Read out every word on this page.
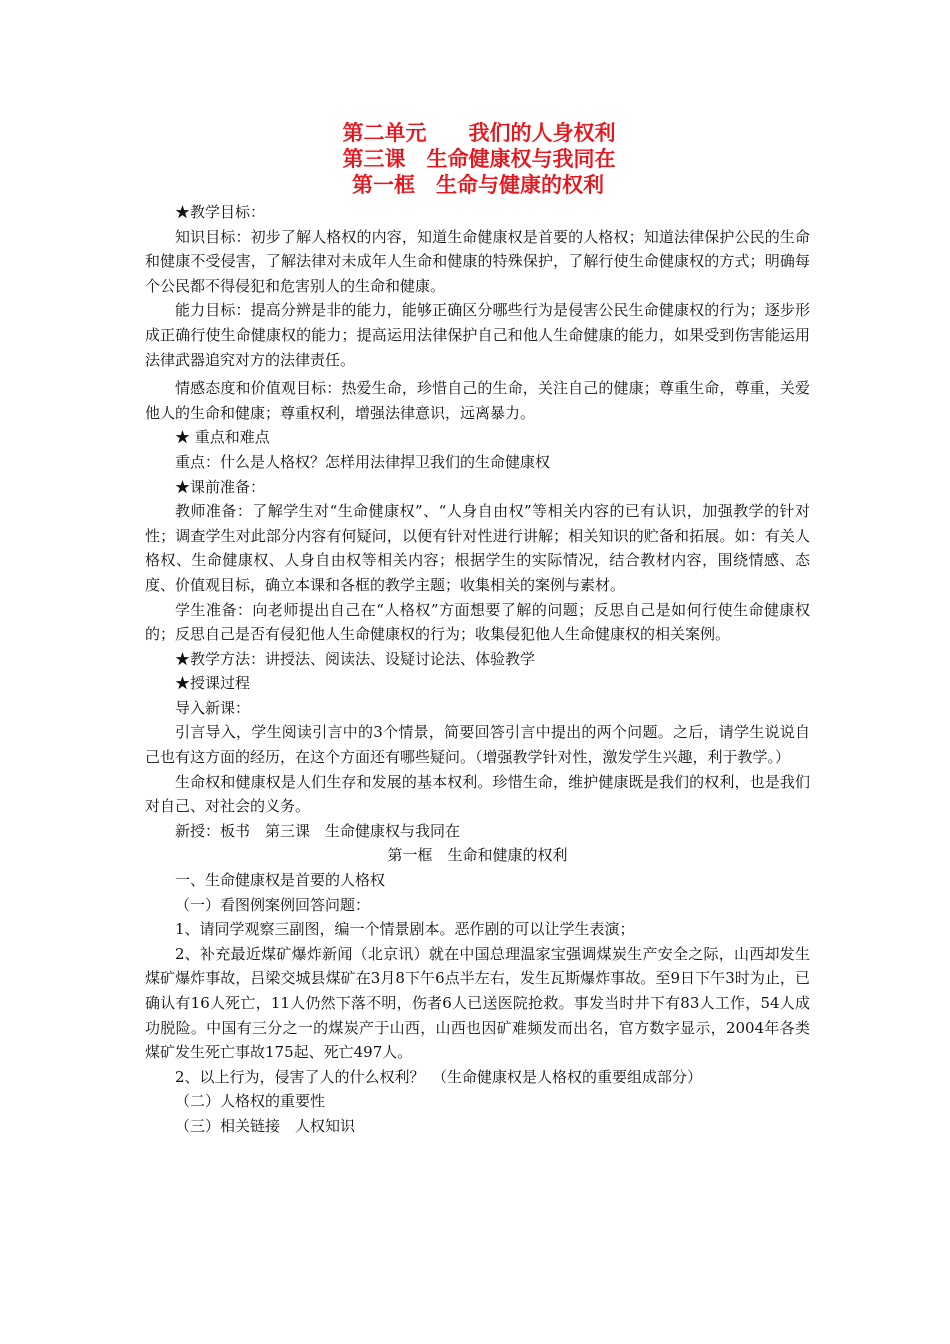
第二单元　　我们的人身权利
第三课　生命健康权与我同在
第一框　生命与健康的权利

★教学目标：

知识目标：初步了解人格权的内容，知道生命健康权是首要的人格权；知道法律保护公民的生命和健康不受侵害，了解法律对未成年人生命和健康的特殊保护，了解行使生命健康权的方式；明确每个公民都不得侵犯和危害别人的生命和健康。

能力目标：提高分辨是非的能力，能够正确区分哪些行为是侵害公民生命健康权的行为；逐步形成正确行使生命健康权的能力；提高运用法律保护自己和他人生命健康的能力，如果受到伤害能运用法律武器追究对方的法律责任。

情感态度和价值观目标：热爱生命，珍惜自己的生命，关注自己的健康；尊重生命，尊重，关爱他人的生命和健康；尊重权利，增强法律意识，远离暴力。

★ 重点和难点

重点：什么是人格权？怎样用法律捍卫我们的生命健康权

★课前准备：

教师准备：了解学生对“生命健康权”、“人身自由权”等相关内容的已有认识，加强教学的针对性；调查学生对此部分内容有何疑问，以便有针对性进行讲解；相关知识的贮备和拓展。如：有关人格权、生命健康权、人身自由权等相关内容；根据学生的实际情况，结合教材内容，围绕情感、态度、价值观目标，确立本课和各框的教学主题；收集相关的案例与素材。

学生准备：向老师提出自己在“人格权”方面想要了解的问题；反思自己是如何行使生命健康权的；反思自己是否有侵犯他人生命健康权的行为；收集侵犯他人生命健康权的相关案例。

★教学方法：讲授法、阅读法、设疑讨论法、体验教学

★授课过程

导入新课：

引言导入，学生阅读引言中的3个情景，简要回答引言中提出的两个问题。之后，请学生说说自己也有这方面的经历，在这个方面还有哪些疑问。（增强教学针对性，激发学生兴趣，利于教学。）

生命权和健康权是人们生存和发展的基本权利。珍惜生命，维护健康既是我们的权利，也是我们对自己、对社会的义务。

新授：板书　第三课　生命健康权与我同在

第一框　生命和健康的权利

一、生命健康权是首要的人格权

（一）看图例案例回答问题：

1、请同学观察三副图，编一个情景剧本。恶作剧的可以让学生表演；

2、补充最近煤矿爆炸新闻（北京讯）就在中国总理温家宝强调煤炭生产安全之际，山西却发生煤矿爆炸事故，吕梁交城县煤矿在3月8下午6点半左右，发生瓦斯爆炸事故。至9日下午3时为止，已确认有16人死亡，11人仍然下落不明，伤者6人已送医院抢救。事发当时井下有83人工作，54人成功脱险。中国有三分之一的煤炭产于山西，山西也因矿难频发而出名，官方数字显示，2004年各类煤矿发生死亡事故175起、死亡497人。

2、以上行为，侵害了人的什么权利？　（生命健康权是人格权的重要组成部分）

（二）人格权的重要性

（三）相关链接　人权知识
